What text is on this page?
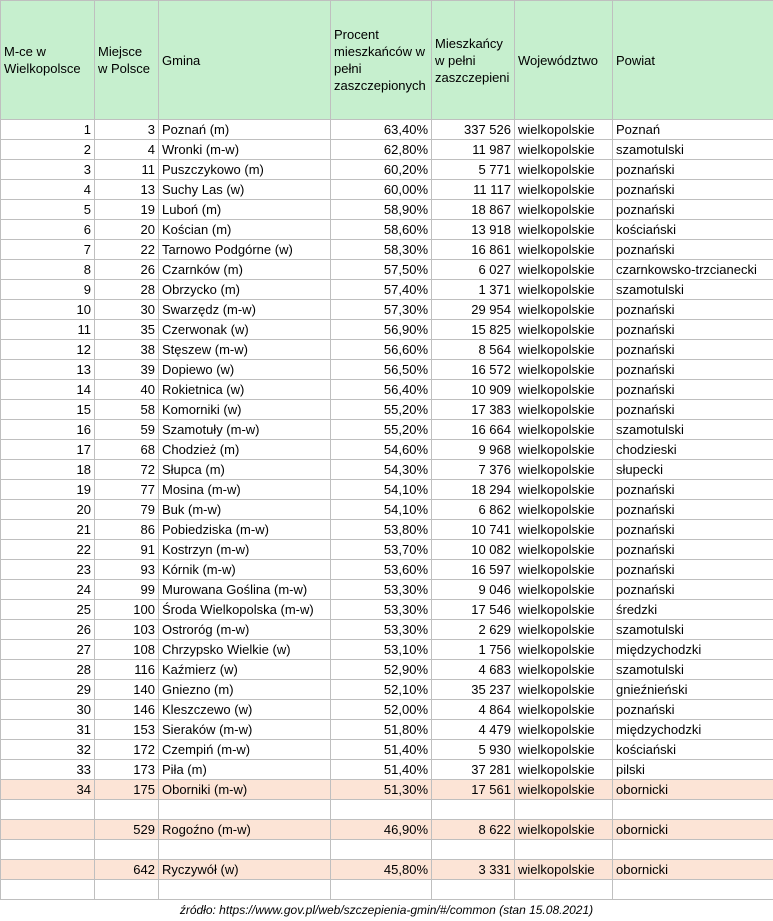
M-ce w Wielkopolsce	Miejsce w Polsce	Gmina	Procent mieszkańców w pełni zaszczepionych	Mieszkańcy w pełni zaszczepieni	Województwo	Powiat
1	3	Poznań (m)	63,40%	337 526	wielkopolskie	Poznań
2	4	Wronki (m-w)	62,80%	11 987	wielkopolskie	szamotulski
3	11	Puszczykowo (m)	60,20%	5 771	wielkopolskie	poznański
4	13	Suchy Las (w)	60,00%	11 117	wielkopolskie	poznański
5	19	Luboń (m)	58,90%	18 867	wielkopolskie	poznański
6	20	Kościan (m)	58,60%	13 918	wielkopolskie	kościański
7	22	Tarnowo Podgórne (w)	58,30%	16 861	wielkopolskie	poznański
8	26	Czarnków (m)	57,50%	6 027	wielkopolskie	czarnkowsko-trzcianecki
9	28	Obrzycko (m)	57,40%	1 371	wielkopolskie	szamotulski
10	30	Swarzędz (m-w)	57,30%	29 954	wielkopolskie	poznański
11	35	Czerwonak (w)	56,90%	15 825	wielkopolskie	poznański
12	38	Stęszew (m-w)	56,60%	8 564	wielkopolskie	poznański
13	39	Dopiewo (w)	56,50%	16 572	wielkopolskie	poznański
14	40	Rokietnica (w)	56,40%	10 909	wielkopolskie	poznański
15	58	Komorniki (w)	55,20%	17 383	wielkopolskie	poznański
16	59	Szamotuły (m-w)	55,20%	16 664	wielkopolskie	szamotulski
17	68	Chodzież (m)	54,60%	9 968	wielkopolskie	chodzieski
18	72	Słupca (m)	54,30%	7 376	wielkopolskie	słupecki
19	77	Mosina (m-w)	54,10%	18 294	wielkopolskie	poznański
20	79	Buk (m-w)	54,10%	6 862	wielkopolskie	poznański
21	86	Pobiedziska (m-w)	53,80%	10 741	wielkopolskie	poznański
22	91	Kostrzyn (m-w)	53,70%	10 082	wielkopolskie	poznański
23	93	Kórnik (m-w)	53,60%	16 597	wielkopolskie	poznański
24	99	Murowana Goślina (m-w)	53,30%	9 046	wielkopolskie	poznański
25	100	Środa Wielkopolska (m-w)	53,30%	17 546	wielkopolskie	średzki
26	103	Ostroróg (m-w)	53,30%	2 629	wielkopolskie	szamotulski
27	108	Chrzypsko Wielkie (w)	53,10%	1 756	wielkopolskie	międzychodzki
28	116	Kaźmierz (w)	52,90%	4 683	wielkopolskie	szamotulski
29	140	Gniezno (m)	52,10%	35 237	wielkopolskie	gnieźnieński
30	146	Kleszczewo (w)	52,00%	4 864	wielkopolskie	poznański
31	153	Sieraków (m-w)	51,80%	4 479	wielkopolskie	międzychodzki
32	172	Czempiń (m-w)	51,40%	5 930	wielkopolskie	kościański
33	173	Piła (m)	51,40%	37 281	wielkopolskie	pilski
34	175	Oborniki (m-w)	51,30%	17 561	wielkopolskie	obornicki

	529	Rogoźno (m-w)	46,90%	8 622	wielkopolskie	obornicki

	642	Ryczywół (w)	45,80%	3 331	wielkopolskie	obornicki

źródło: https://www.gov.pl/web/szczepienia-gmin/#/common (stan 15.08.2021)
